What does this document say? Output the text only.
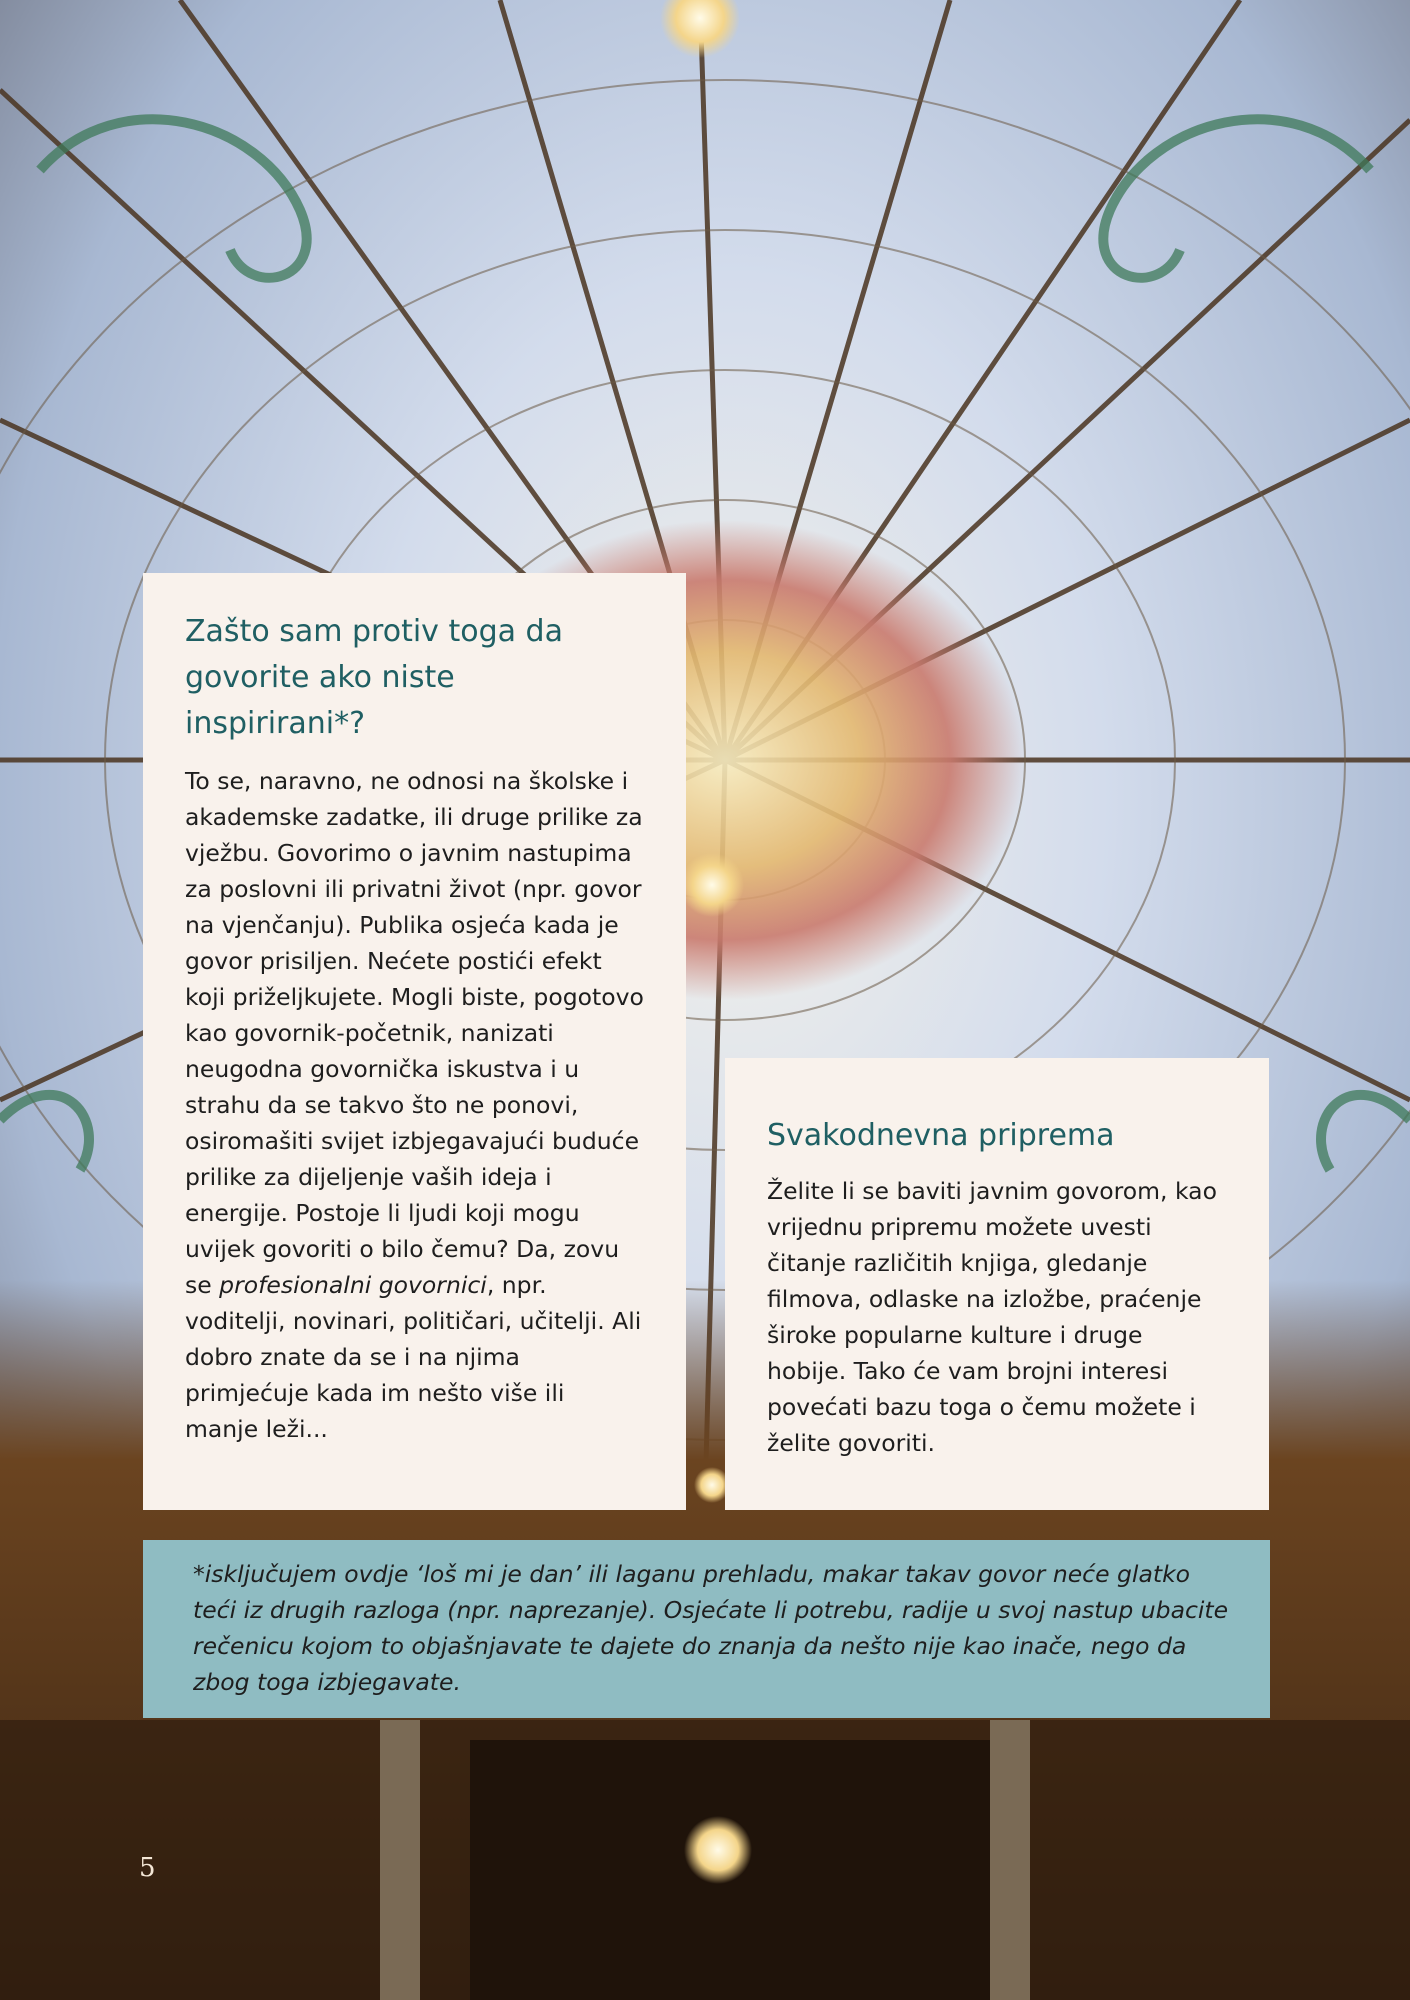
Zašto sam protiv toga da govorite ako niste inspirirani*?

To se, naravno, ne odnosi na školske i akademske zadatke, ili druge prilike za vježbu. Govorimo o javnim nastupima za poslovni ili privatni život (npr. govor na vjenčanju). Publika osjeća kada je govor prisiljen. Nećete postići efekt koji priželjkujete. Mogli biste, pogotovo kao govornik-početnik, nanizati neugodna govornička iskustva i u strahu da se takvo što ne ponovi, osiromašiti svijet izbjegavajući buduće prilike za dijeljenje vaših ideja i energije. Postoje li ljudi koji mogu uvijek govoriti o bilo čemu? Da, zovu se profesionalni govornici, npr. voditelji, novinari, političari, učitelji. Ali dobro znate da se i na njima primjećuje kada im nešto više ili manje leži...

Svakodnevna priprema

Želite li se baviti javnim govorom, kao vrijednu pripremu možete uvesti čitanje različitih knjiga, gledanje filmova, odlaske na izložbe, praćenje široke popularne kulture i druge hobije. Tako će vam brojni interesi povećati bazu toga o čemu možete i želite govoriti.

*isključujem ovdje ‘loš mi je dan’ ili laganu prehladu, makar takav govor neće glatko teći iz drugih razloga (npr. naprezanje). Osjećate li potrebu, radije u svoj nastup ubacite rečenicu kojom to objašnjavate te dajete do znanja da nešto nije kao inače, nego da zbog toga izbjegavate.

5
